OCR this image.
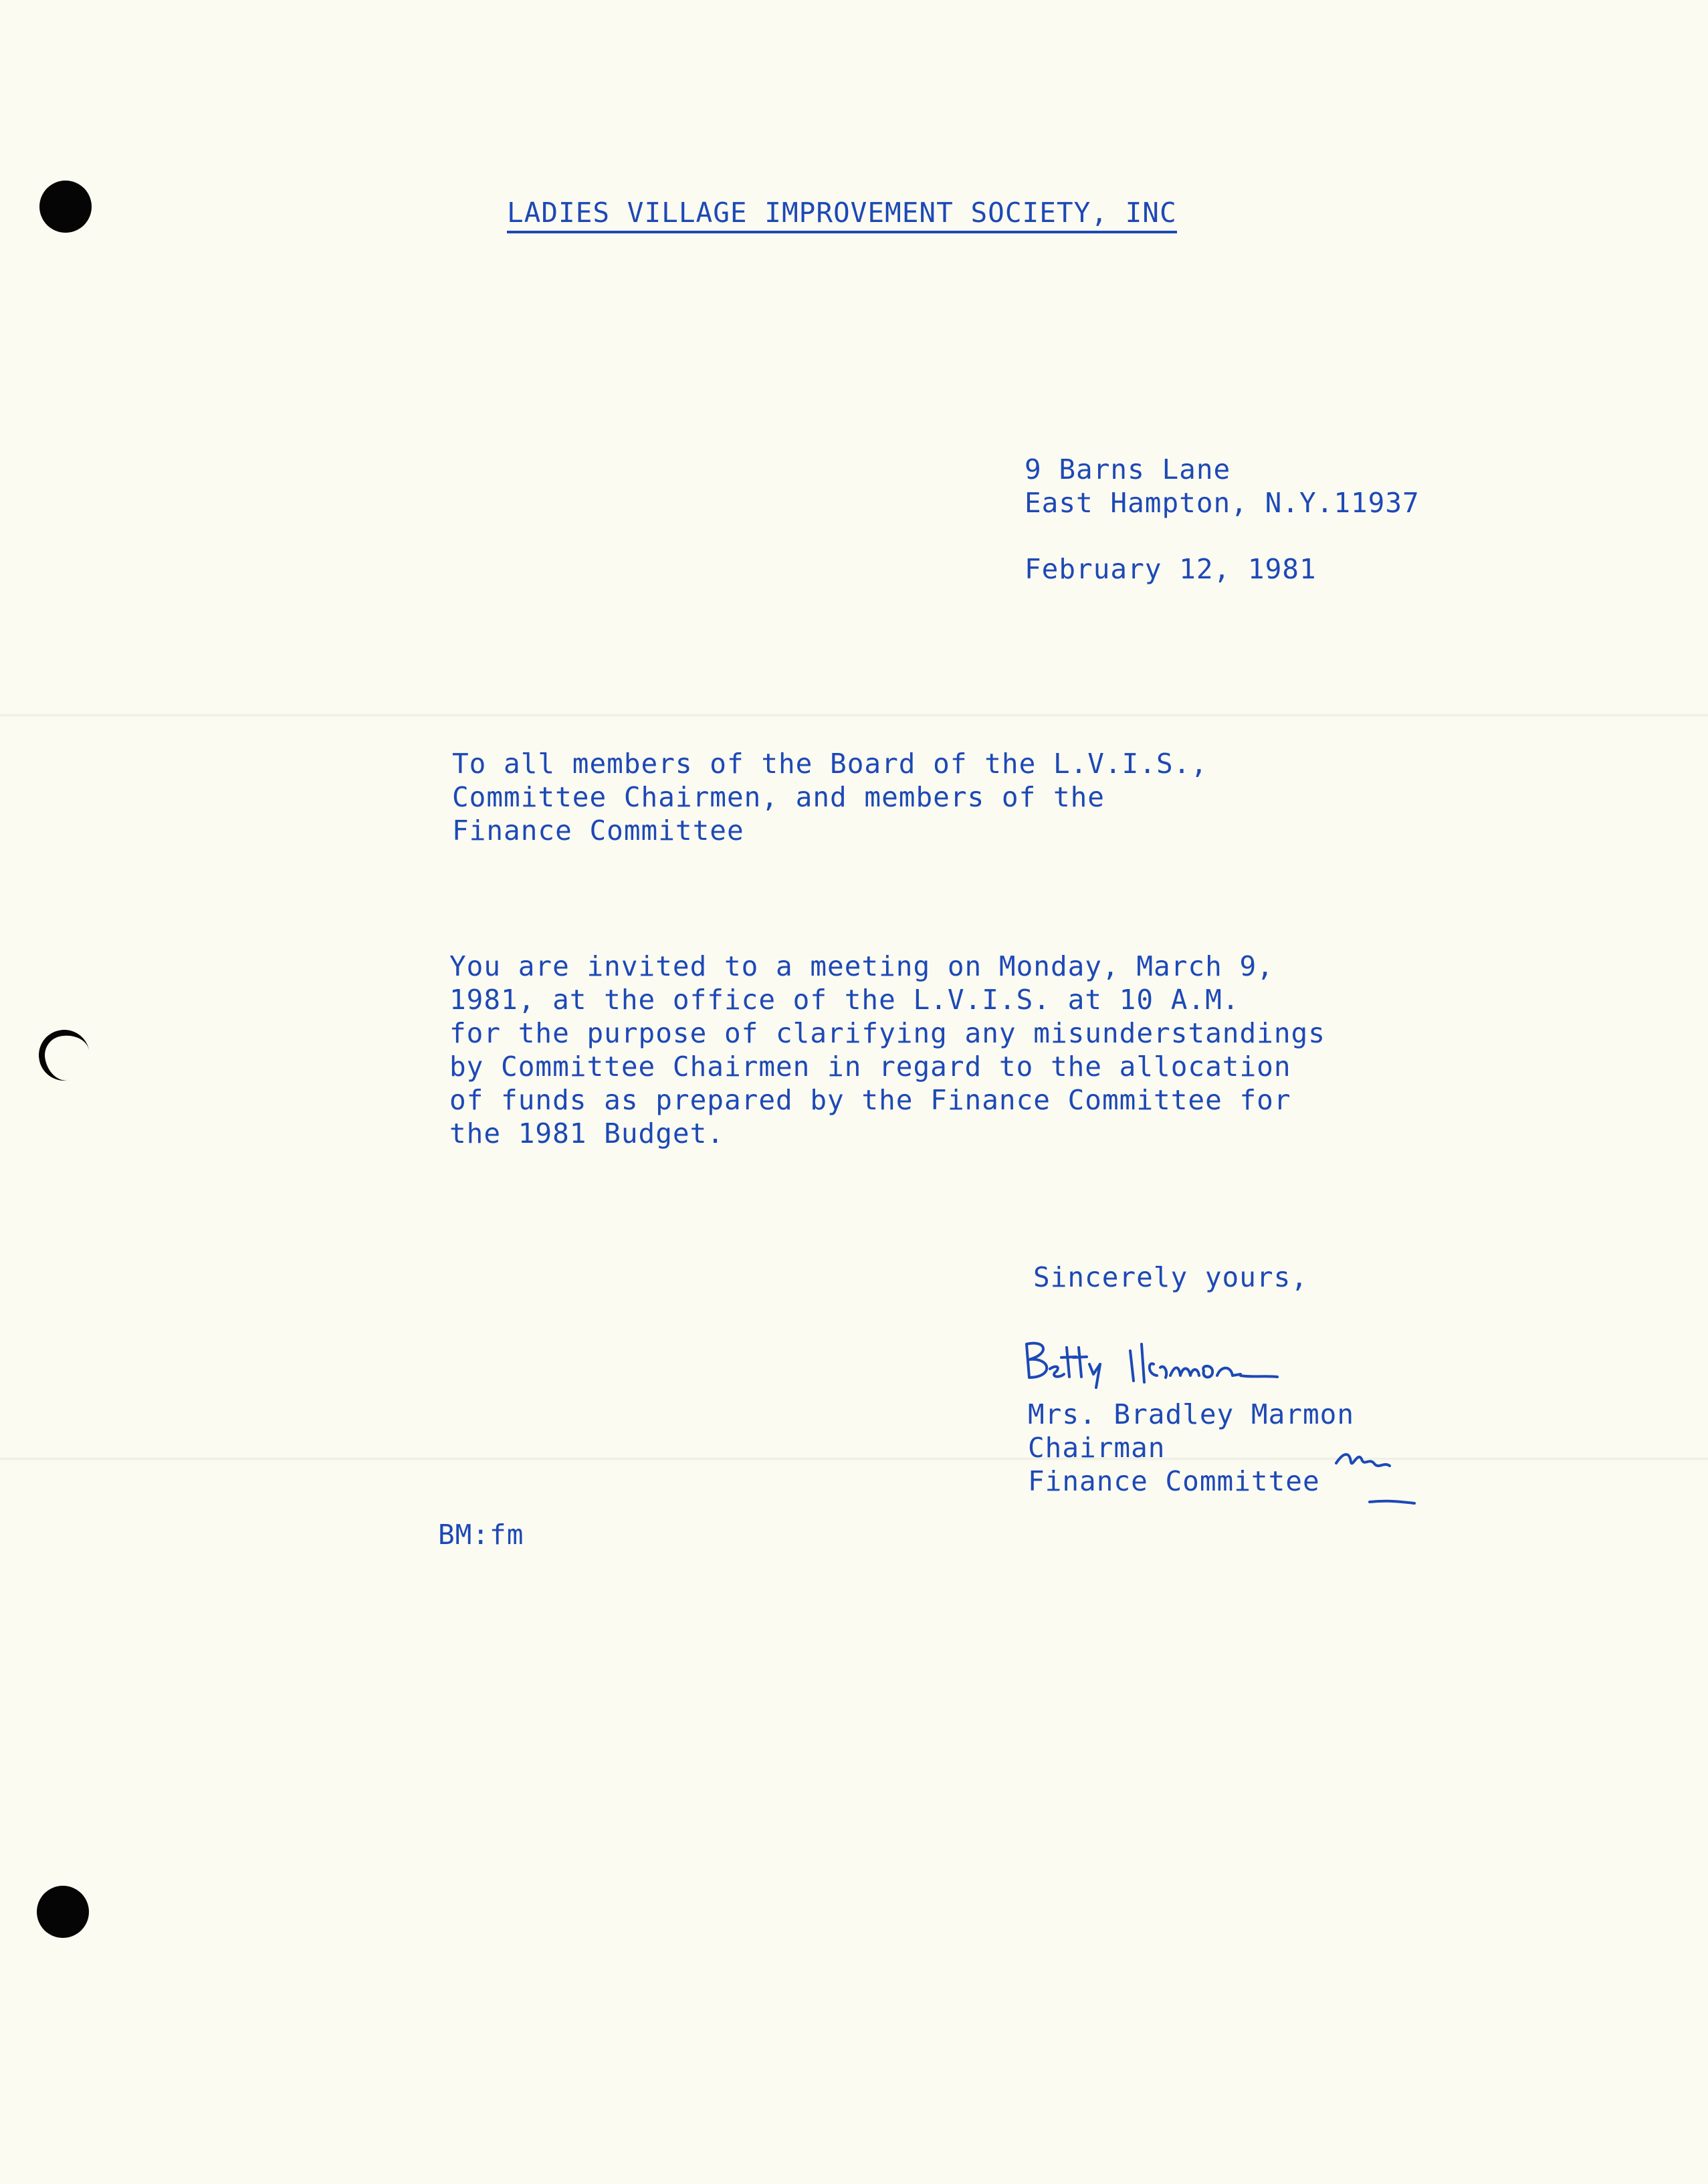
LADIES VILLAGE IMPROVEMENT SOCIETY, INC
9 Barns Lane
East Hampton, N.Y.11937
February 12, 1981
To all members of the Board of the L.V.I.S.,
Committee Chairmen, and members of the
Finance Committee
You are invited to a meeting on Monday, March 9,
1981, at the office of the L.V.I.S. at 10 A.M.
for the purpose of clarifying any misunderstandings
by Committee Chairmen in regard to the allocation
of funds as prepared by the Finance Committee for
the 1981 Budget.
Sincerely yours,
Mrs. Bradley Marmon
Chairman
Finance Committee
BM:fm
